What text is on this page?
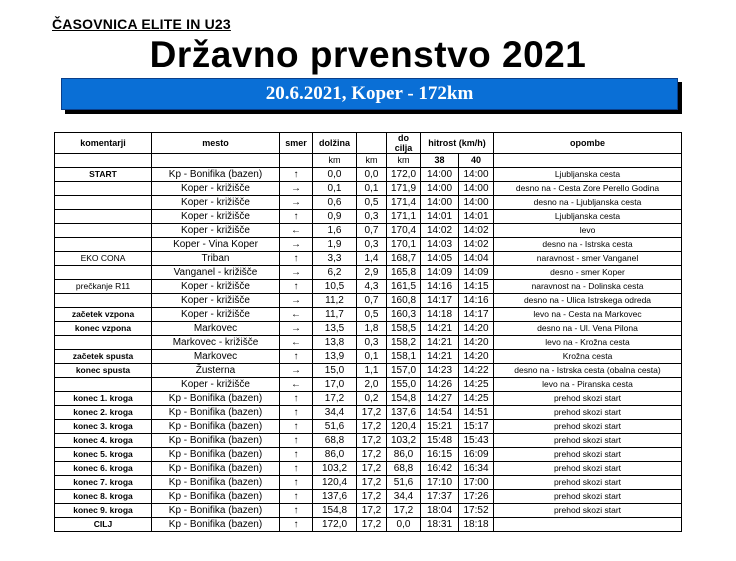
ČASOVNICA ELITE IN U23
Državno prvenstvo 2021
20.6.2021, Koper - 172km
komentarji	mesto	smer	dolžina		do cilja	hitrost (km/h)		opombe
			km	km	km	38	40	
START	Kp - Bonifika (bazen)	↑	0,0	0,0	172,0	14:00	14:00	Ljubljanska cesta
	Koper - križišče	→	0,1	0,1	171,9	14:00	14:00	desno na - Cesta Zore Perello Godina
	Koper - križišče	→	0,6	0,5	171,4	14:00	14:00	desno na - Ljubljanska cesta
	Koper - križišče	↑	0,9	0,3	171,1	14:01	14:01	Ljubljanska cesta
	Koper - križišče	←	1,6	0,7	170,4	14:02	14:02	levo
	Koper - Vina Koper	→	1,9	0,3	170,1	14:03	14:02	desno na - Istrska cesta
EKO CONA	Triban	↑	3,3	1,4	168,7	14:05	14:04	naravnost - smer Vanganel
	Vanganel - križišče	→	6,2	2,9	165,8	14:09	14:09	desno - smer Koper
prečkanje R11	Koper - križišče	↑	10,5	4,3	161,5	14:16	14:15	naravnost na - Dolinska cesta
	Koper - križišče	→	11,2	0,7	160,8	14:17	14:16	desno na - Ulica Istrskega odreda
začetek vzpona	Koper - križišče	←	11,7	0,5	160,3	14:18	14:17	levo na - Cesta na Markovec
konec vzpona	Markovec	→	13,5	1,8	158,5	14:21	14:20	desno na - Ul. Vena Pilona
	Markovec - križišče	←	13,8	0,3	158,2	14:21	14:20	levo na - Krožna cesta
začetek spusta	Markovec	↑	13,9	0,1	158,1	14:21	14:20	Krožna cesta
konec spusta	Žusterna	→	15,0	1,1	157,0	14:23	14:22	desno na - Istrska cesta (obalna cesta)
	Koper - križišče	←	17,0	2,0	155,0	14:26	14:25	levo na - Piranska cesta
konec 1. kroga	Kp - Bonifika (bazen)	↑	17,2	0,2	154,8	14:27	14:25	prehod skozi start
konec 2. kroga	Kp - Bonifika (bazen)	↑	34,4	17,2	137,6	14:54	14:51	prehod skozi start
konec 3. kroga	Kp - Bonifika (bazen)	↑	51,6	17,2	120,4	15:21	15:17	prehod skozi start
konec 4. kroga	Kp - Bonifika (bazen)	↑	68,8	17,2	103,2	15:48	15:43	prehod skozi start
konec 5. kroga	Kp - Bonifika (bazen)	↑	86,0	17,2	86,0	16:15	16:09	prehod skozi start
konec 6. kroga	Kp - Bonifika (bazen)	↑	103,2	17,2	68,8	16:42	16:34	prehod skozi start
konec 7. kroga	Kp - Bonifika (bazen)	↑	120,4	17,2	51,6	17:10	17:00	prehod skozi start
konec 8. kroga	Kp - Bonifika (bazen)	↑	137,6	17,2	34,4	17:37	17:26	prehod skozi start
konec 9. kroga	Kp - Bonifika (bazen)	↑	154,8	17,2	17,2	18:04	17:52	prehod skozi start
CILJ	Kp - Bonifika (bazen)	↑	172,0	17,2	0,0	18:31	18:18	
